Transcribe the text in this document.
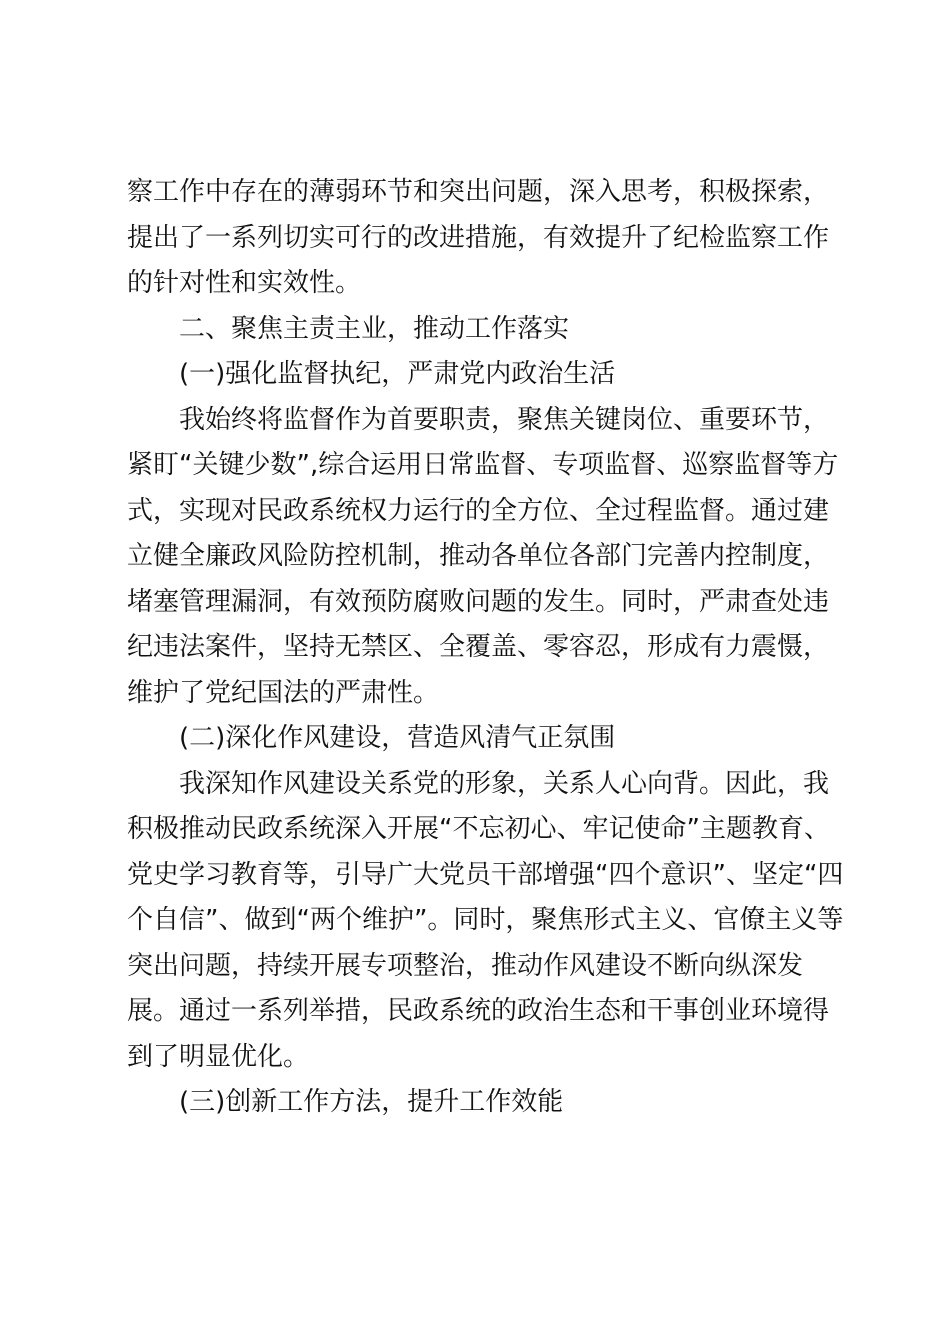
察工作中存在的薄弱环节和突出问题，深入思考，积极探索，
提出了一系列切实可行的改进措施，有效提升了纪检监察工作
的针对性和实效性。
二、聚焦主责主业，推动工作落实
(一)强化监督执纪，严肃党内政治生活
我始终将监督作为首要职责，聚焦关键岗位、重要环节，
紧盯“关键少数”,综合运用日常监督、专项监督、巡察监督等方
式，实现对民政系统权力运行的全方位、全过程监督。通过建
立健全廉政风险防控机制，推动各单位各部门完善内控制度，
堵塞管理漏洞，有效预防腐败问题的发生。同时，严肃查处违
纪违法案件，坚持无禁区、全覆盖、零容忍，形成有力震慑，
维护了党纪国法的严肃性。
(二)深化作风建设，营造风清气正氛围
我深知作风建设关系党的形象，关系人心向背。因此，我
积极推动民政系统深入开展“不忘初心、牢记使命”主题教育、
党史学习教育等，引导广大党员干部增强“四个意识”、坚定“四
个自信”、做到“两个维护”。同时，聚焦形式主义、官僚主义等
突出问题，持续开展专项整治，推动作风建设不断向纵深发
展。通过一系列举措，民政系统的政治生态和干事创业环境得
到了明显优化。
(三)创新工作方法，提升工作效能
